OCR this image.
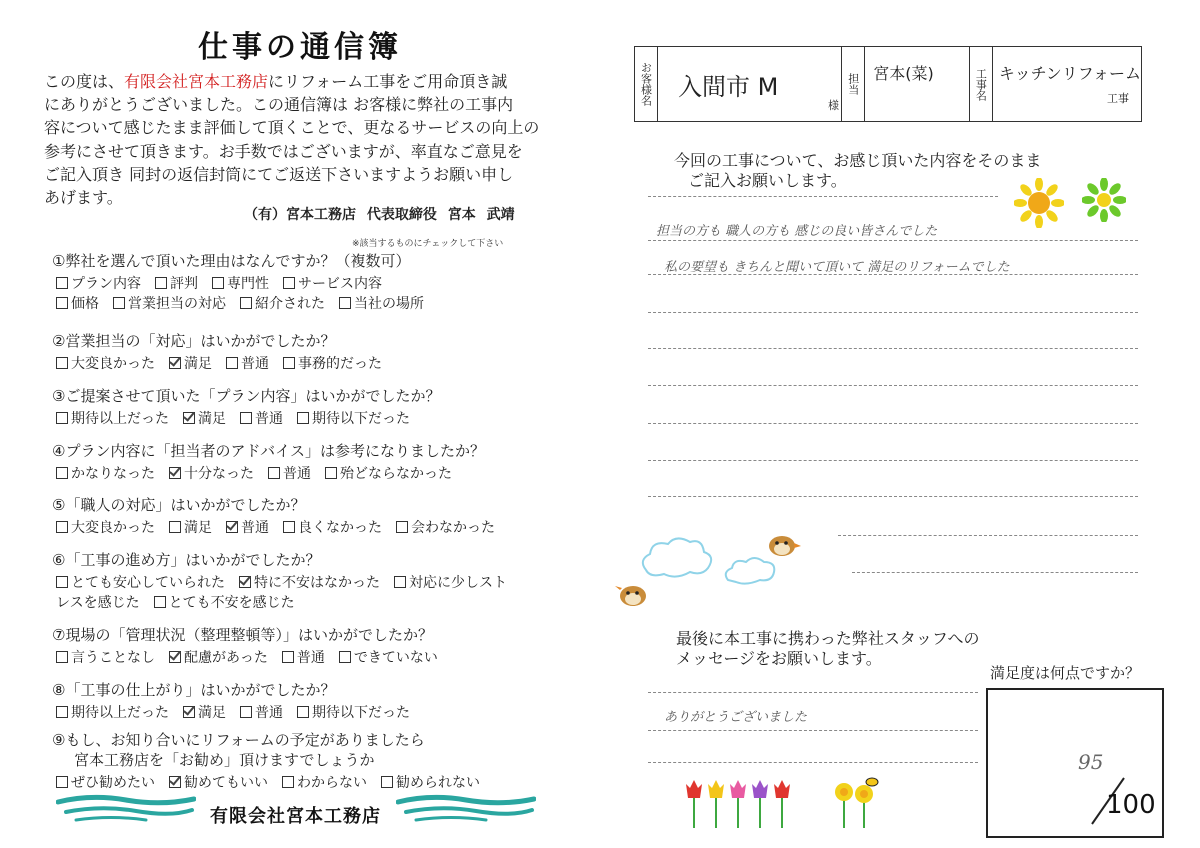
仕事の通信簿
この度は、有限会社宮本工務店にリフォーム工事をご用命頂き誠
にありがとうございました。この通信簿は お客様に弊社の工事内
容について感じたまま評価して頂くことで、更なるサービスの向上の
参考にさせて頂きます。お手数ではございますが、率直なご意見を
ご記入頂き 同封の返信封筒にてご返送下さいますようお願い申し
あげます。
（有）宮本工務店 代表取締役 宮本 武靖
※該当するものにチェックして下さい
①弊社を選んで頂いた理由はなんですか？（複数可）
プラン内容 評判 専門性 サービス内容
価格 営業担当の対応 紹介された 当社の場所
②営業担当の「対応」はいかがでしたか？
大変良かった 満足 普通 事務的だった
③ご提案させて頂いた「プラン内容」はいかがでしたか？
期待以上だった 満足 普通 期待以下だった
④プラン内容に「担当者のアドバイス」は参考になりましたか？
かなりなった 十分なった 普通 殆どならなかった
⑤「職人の対応」はいかがでしたか？
大変良かった 満足 普通 良くなかった 会わなかった
⑥「工事の進め方」はいかがでしたか？
とても安心していられた 特に不安はなかった 対応に少しスト
レスを感じた とても不安を感じた
⑦現場の「管理状況（整理整頓等）」はいかがでしたか？
言うことなし 配慮があった 普通 できていない
⑧「工事の仕上がり」はいかがでしたか？
期待以上だった 満足 普通 期待以下だった
⑨もし、お知り合いにリフォームの予定がありましたら
宮本工務店を「お勧め」頂けますでしょうか
ぜひ勧めたい 勧めてもいい わからない 勧められない
有限会社宮本工務店
お客様名 入間市 M
様
担当 宮本(菜)	工事名 キッチンリフォーム
工事
今回の工事について、お感じ頂いた内容をそのまま
ご記入お願いします。
担当の方も 職人の方も 感じの良い皆さんでした
私の要望も きちんと聞いて頂いて 満足のリフォームでした
最後に本工事に携わった弊社スタッフへの
メッセージをお願いします。
満足度は何点ですか？
ありがとうございました
95
100
